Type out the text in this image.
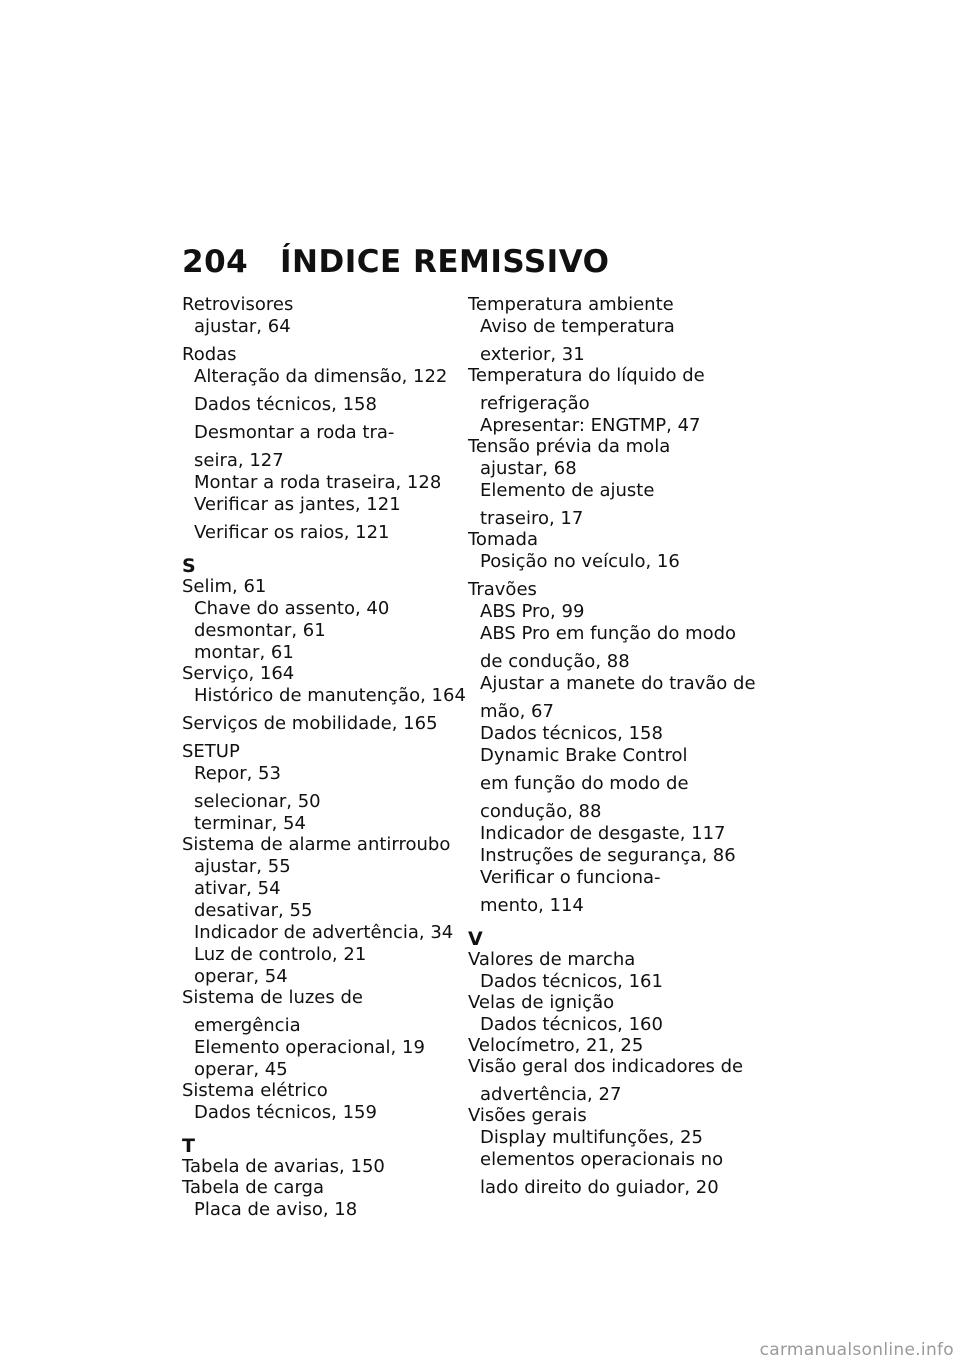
204 ÍNDICE REMISSIVO
Retrovisores
ajustar, 64
Rodas
Alteração da dimensão, 122
Dados técnicos, 158
Desmontar a roda tra-
seira, 127
Montar a roda traseira, 128
Verificar as jantes, 121
Verificar os raios, 121
S
Selim, 61
Chave do assento, 40
desmontar, 61
montar, 61
Serviço, 164
Histórico de manutenção, 164
Serviços de mobilidade, 165
SETUP
Repor, 53
selecionar, 50
terminar, 54
Sistema de alarme antirroubo
ajustar, 55
ativar, 54
desativar, 55
Indicador de advertência, 34
Luz de controlo, 21
operar, 54
Sistema de luzes de
emergência
Elemento operacional, 19
operar, 45
Sistema elétrico
Dados técnicos, 159
T
Tabela de avarias, 150
Tabela de carga
Placa de aviso, 18
Temperatura ambiente
Aviso de temperatura
exterior, 31
Temperatura do líquido de
refrigeração
Apresentar: ENGTMP, 47
Tensão prévia da mola
ajustar, 68
Elemento de ajuste
traseiro, 17
Tomada
Posição no veículo, 16
Travões
ABS Pro, 99
ABS Pro em função do modo
de condução, 88
Ajustar a manete do travão de
mão, 67
Dados técnicos, 158
Dynamic Brake Control
em função do modo de
condução, 88
Indicador de desgaste, 117
Instruções de segurança, 86
Verificar o funciona-
mento, 114
V
Valores de marcha
Dados técnicos, 161
Velas de ignição
Dados técnicos, 160
Velocímetro, 21, 25
Visão geral dos indicadores de
advertência, 27
Visões gerais
Display multifunções, 25
elementos operacionais no
lado direito do guiador, 20
carmanualsonline.info
